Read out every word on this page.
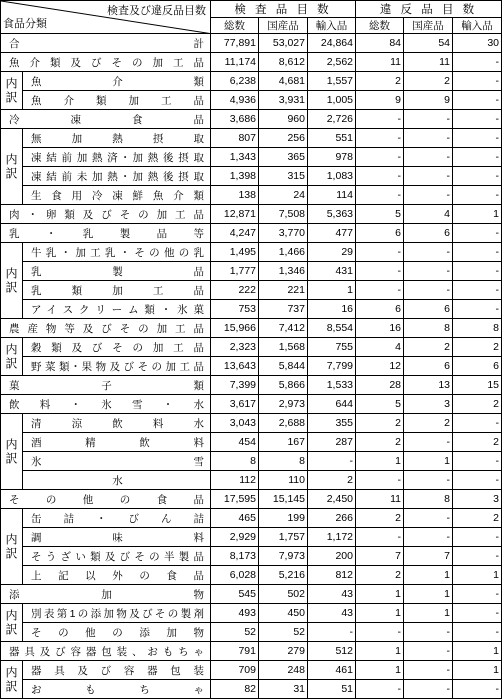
検査及び違反品目数
食品分類		検 査 品 目 数			違 反 品 目 数		
		総数	国産品	輸入品	総数	国産品	輸入品
合　　計		77,891	53,027	24,864	84	54	30
魚介類及びその加工品		11,174	8,612	2,562	11	11	-
内訳	魚　　介　　類	6,238	4,681	1,557	2	2	-
	魚介類加工品	4,936	3,931	1,005	9	9	-
冷　凍　食　品		3,686	960	2,726	-	-	-
内訳	無加熱摂取	807	256	551	-	-	-
	凍結前加熱済･加熱後摂取	1,343	365	978	-	-	-
	凍結前未加熱･加熱後摂取	1,398	315	1,083	-	-	-
	生食用冷凍鮮魚介類	138	24	114	-	-	-
肉・卵類及びその加工品		12,871	7,508	5,363	5	4	1
乳・乳製品等		4,247	3,770	477	6	6	-
内訳	牛乳・加工乳・その他の乳	1,495	1,466	29	-	-	-
	乳　　製　　品	1,777	1,346	431	-	-	-
	乳類加工品	222	221	1	-	-	-
	アイスクリーム類・氷菓	753	737	16	6	6	-
農産物等及びその加工品		15,966	7,412	8,554	16	8	8
内訳	穀類及びその加工品	2,323	1,568	755	4	2	2
	野菜類･果物及びその加工品	13,643	5,844	7,799	12	6	6
菓　　　子　　　類		7,399	5,866	1,533	28	13	15
飲料・氷雪・水		3,617	2,973	644	5	3	2
内訳	清涼飲料水	3,043	2,688	355	2	2	-
	酒　精　飲　料	454	167	287	2	-	2
	氷　　　　　雪	8	8	-	1	1	-
	水	112	110	2	-	-	-
その他の食品		17,595	15,145	2,450	11	8	3
内訳	缶詰・びん詰	465	199	266	2	-	2
	調　　味　　料	2,929	1,757	1,172	-	-	-
	そうざい類及びその半製品	8,173	7,973	200	7	7	-
	上記以外の食品	6,028	5,216	812	2	1	1
添　　　加　　　物		545	502	43	1	1	-
内訳	別表第1の添加物及びその製剤	493	450	43	1	1	-
	その他の添加物	52	52	-	-	-	-
器具及び容器包装、おもちゃ		791	279	512	1	-	1
内訳	器具及び容器包装	709	248	461	1	-	1
	お　　も　　ち　　ゃ	82	31	51	-	-	-
